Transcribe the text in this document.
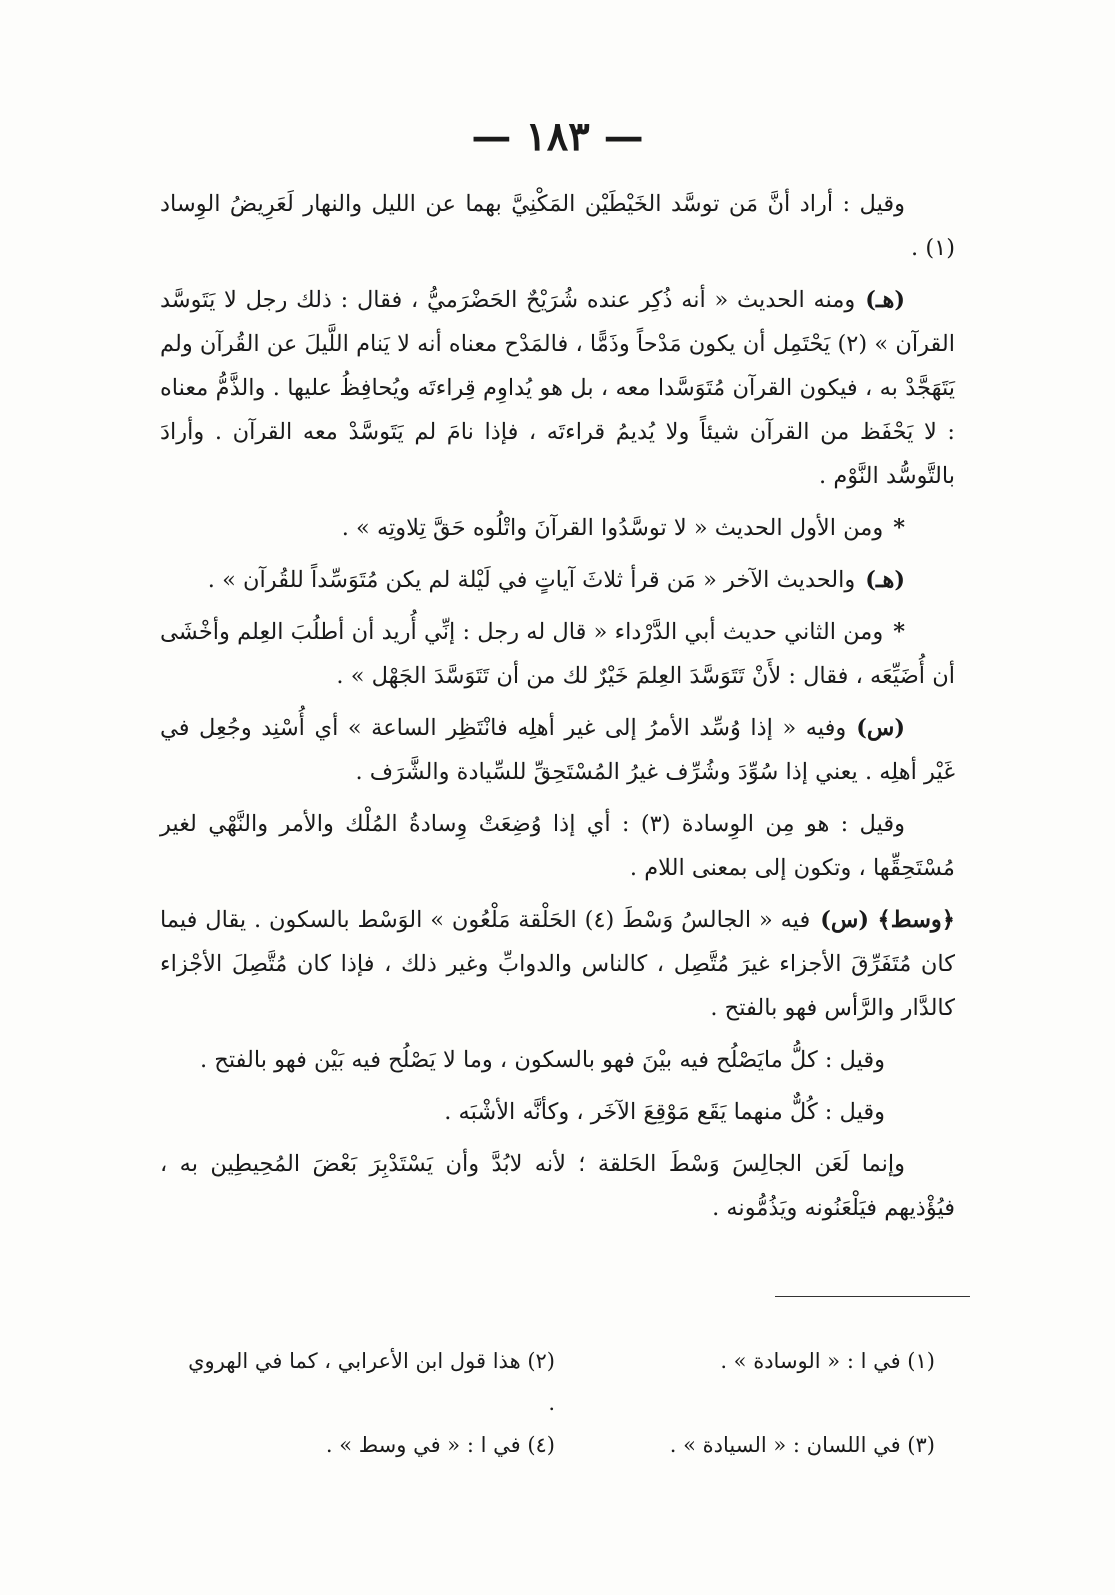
— ١٨٣ —

وقيل : أراد أنَّ مَن توسَّد الخَيْطَيْن المَكْنِيَّ بهما عن الليل والنهار لَعَرِيضُ الوِساد (١) .

(هـ)ومنه الحديث « أنه ذُكِر عنده شُرَيْحٌ الحَضْرَميُّ ، فقال : ذلك رجل لا يَتَوسَّد القرآن » (٢) يَحْتَمِل أن يكون مَدْحاً وذَمًّا ، فالمَدْح معناه أنه لا يَنام اللَّيلَ عن القُرآن ولم يَتَهَجَّدْ به ، فيكون القرآن مُتَوَسَّدا معه ، بل هو يُداوِم قِراءتَه ويُحافِظُ عليها . والذَّمُّ معناه : لا يَحْفَظ من القرآن شيئاً ولا يُديمُ قراءتَه ، فإذا نامَ لم يَتَوسَّدْ معه القرآن . وأرادَ بالتَّوسُّد النَّوْم .

*ومن الأول الحديث « لا توسَّدُوا القرآنَ واتْلُوه حَقَّ تِلاوتِه » .

(هـ)والحديث الآخر « مَن قرأ ثلاثَ آياتٍ في لَيْلة لم يكن مُتَوَسِّداً للقُرآن » .

*ومن الثاني حديث أبي الدَّرْداء « قال له رجل : إنِّي أُريد أن أطلُبَ العِلم وأخْشَى أن أُضَيِّعَه ، فقال : لأَنْ تَتَوَسَّدَ العِلمَ خَيْرٌ لك من أن تَتَوَسَّدَ الجَهْل » .

(س)وفيه « إذا وُسِّد الأمرُ إلى غير أهلِه فانْتَظِر الساعة » أي أُسْنِد وجُعِل في غَيْر أهلِه . يعني إذا سُوِّدَ وشُرِّف غيرُ المُسْتَحِقِّ للسِّيادة والشَّرَف .

وقيل : هو مِن الوِسادة (٣) : أي إذا وُضِعَتْ وِسادةُ المُلْك والأمر والنَّهْي لغير مُسْتَحِقِّها ، وتكون إلى بمعنى اللام .

﴿وسط﴾ (س)فيه « الجالسُ وَسْطَ (٤) الحَلْقة مَلْعُون » الوَسْط بالسكون . يقال فيما كان مُتَفَرِّقَ الأجزاء غيرَ مُتَّصِل ، كالناس والدوابِّ وغير ذلك ، فإذا كان مُتَّصِلَ الأجْزاء كالدَّار والرَّأس فهو بالفتح .

وقيل : كلُّ مايَصْلُح فيه بيْنَ فهو بالسكون ، وما لا يَصْلُح فيه بَيْن فهو بالفتح .

وقيل : كُلٌّ منهما يَقَع مَوْقِعَ الآخَر ، وكأنَّه الأشْبَه .

وإنما لَعَن الجالِسَ وَسْطَ الحَلقة ؛ لأنه لابُدَّ وأن يَسْتَدْبِرَ بَعْضَ المُحِيطِين به ، فيُؤْذيهم فيَلْعَنُونه ويَذُمُّونه .

(١) في ا : « الوسادة » .
(٢) هذا قول ابن الأعرابي ، كما في الهروي .
(٣) في اللسان : « السيادة » .
(٤) في ا : « في وسط » .
